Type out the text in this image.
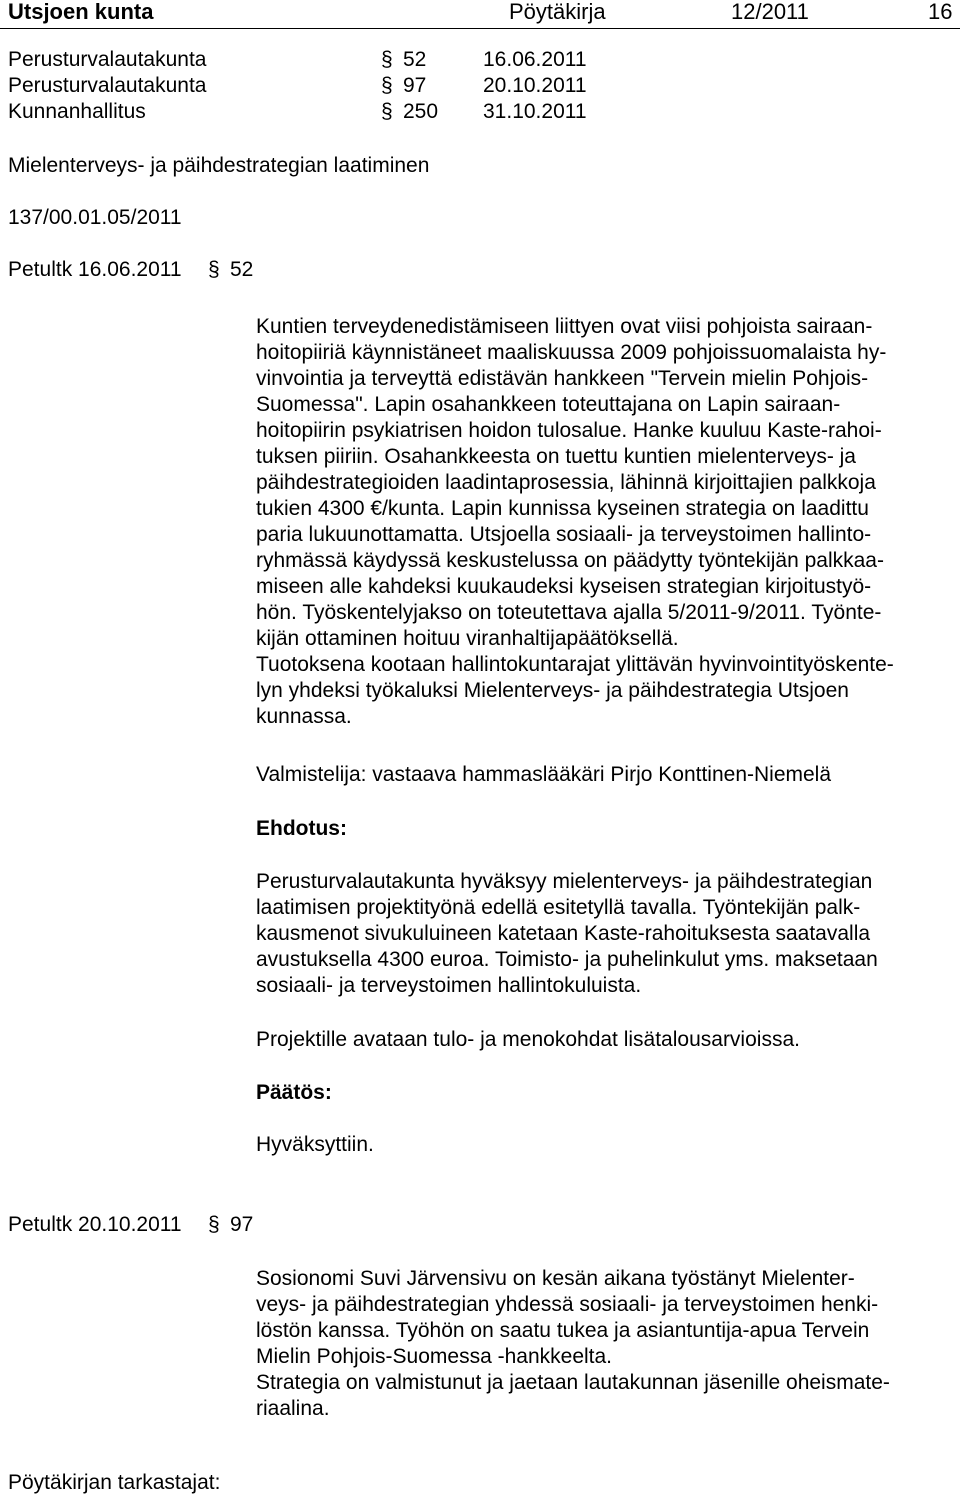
Utsjoen kunta	Pöytäkirja	12/2011	16
Perusturvalautakunta	§ 52	16.06.2011
Perusturvalautakunta	§ 97	20.10.2011
Kunnanhallitus	§ 250 31.10.2011
Mielenterveys- ja päihdestrategian laatiminen
137/00.01.05/2011
Petultk 16.06.2011 § 52
Kuntien terveydenedistämiseen liittyen ovat viisi pohjoista sairaan-
hoitopiiriä käynnistäneet maaliskuussa 2009 pohjoissuomalaista hy-
vinvointia ja terveyttä edistävän hankkeen "Tervein mielin Pohjois-
Suomessa". Lapin osahankkeen toteuttajana on Lapin sairaan-
hoitopiirin psykiatrisen hoidon tulosalue. Hanke kuuluu Kaste-rahoi-
tuksen piiriin. Osahankkeesta on tuettu kuntien mielenterveys- ja
päihdestrategioiden laadintaprosessia, lähinnä kirjoittajien palkkoja
tukien 4300 €/kunta. Lapin kunnissa kyseinen strategia on laadittu
paria lukuunottamatta. Utsjoella sosiaali- ja terveystoimen hallinto-
ryhmässä käydyssä keskustelussa on päädytty työntekijän palkkaa-
miseen alle kahdeksi kuukaudeksi kyseisen strategian kirjoitustyö-
hön. Työskentelyjakso on toteutettava ajalla 5/2011-9/2011. Työnte-
kijän ottaminen hoituu viranhaltijapäätöksellä.
Tuotoksena kootaan hallintokuntarajat ylittävän hyvinvointityöskente-
lyn yhdeksi työkaluksi Mielenterveys- ja päihdestrategia Utsjoen
kunnassa.
Valmistelija: vastaava hammaslääkäri Pirjo Konttinen-Niemelä
Ehdotus:
Perusturvalautakunta hyväksyy mielenterveys- ja päihdestrategian
laatimisen projektityönä edellä esitetyllä tavalla. Työntekijän palk-
kausmenot sivukuluineen katetaan Kaste-rahoituksesta saatavalla
avustuksella 4300 euroa. Toimisto- ja puhelinkulut yms. maksetaan
sosiaali- ja terveystoimen hallintokuluista.
Projektille avataan tulo- ja menokohdat lisätalousarvioissa.
Päätös:
Hyväksyttiin.
Petultk 20.10.2011 § 97
Sosionomi Suvi Järvensivu on kesän aikana työstänyt Mielenter-
veys- ja päihdestrategian yhdessä sosiaali- ja terveystoimen henki-
löstön kanssa. Työhön on saatu tukea ja asiantuntija-apua Tervein
Mielin Pohjois-Suomessa -hankkeelta.
Strategia on valmistunut ja jaetaan lautakunnan jäsenille oheismate-
riaalina.
Pöytäkirjan tarkastajat:
